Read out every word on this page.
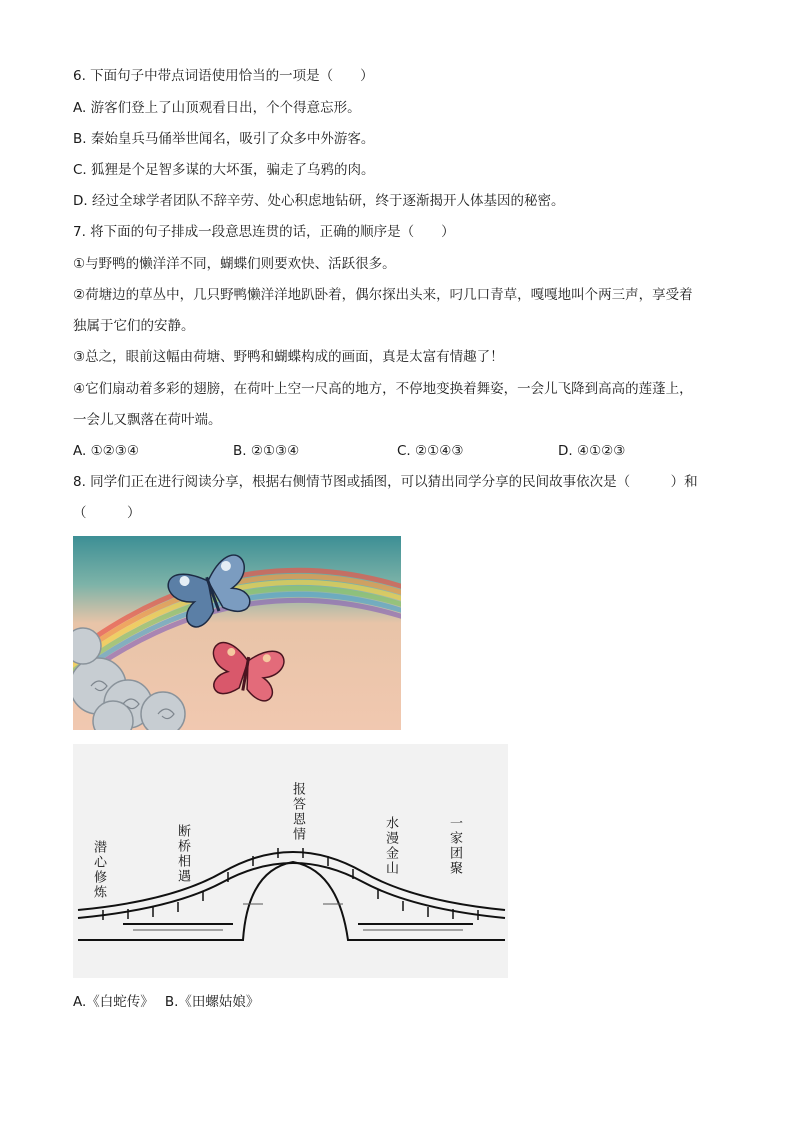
6. 下面句子中带点词语使用恰当的一项是（　　）
A. 游客们登上了山顶观看日出，个个得意忘形。
B. 秦始皇兵马俑举世闻名，吸引了众多中外游客。
C. 狐狸是个足智多谋的大坏蛋，骗走了乌鸦的肉。
D. 经过全球学者团队不辞辛劳、处心积虑地钻研，终于逐渐揭开人体基因的秘密。
7. 将下面的句子排成一段意思连贯的话，正确的顺序是（　　）
①与野鸭的懒洋洋不同，蝴蝶们则要欢快、活跃很多。
②荷塘边的草丛中，几只野鸭懒洋洋地趴卧着，偶尔探出头来，叼几口青草，嘎嘎地叫个两三声，享受着
独属于它们的安静。
③总之，眼前这幅由荷塘、野鸭和蝴蝶构成的画面，真是太富有情趣了！
④它们扇动着多彩的翅膀，在荷叶上空一尺高的地方，不停地变换着舞姿，一会儿飞降到高高的莲蓬上，
一会儿又飘落在荷叶端。
A. ①②③④	B. ②①③④	C. ②①④③	D. ④①②③
8. 同学们正在进行阅读分享，根据右侧情节图或插图，可以猜出同学分享的民间故事依次是（　　　）和
（　　　）
潜心修炼	断桥相遇
报答恩情
水漫金山	一家团聚
A.《白蛇传》　 B.《田螺姑娘》
